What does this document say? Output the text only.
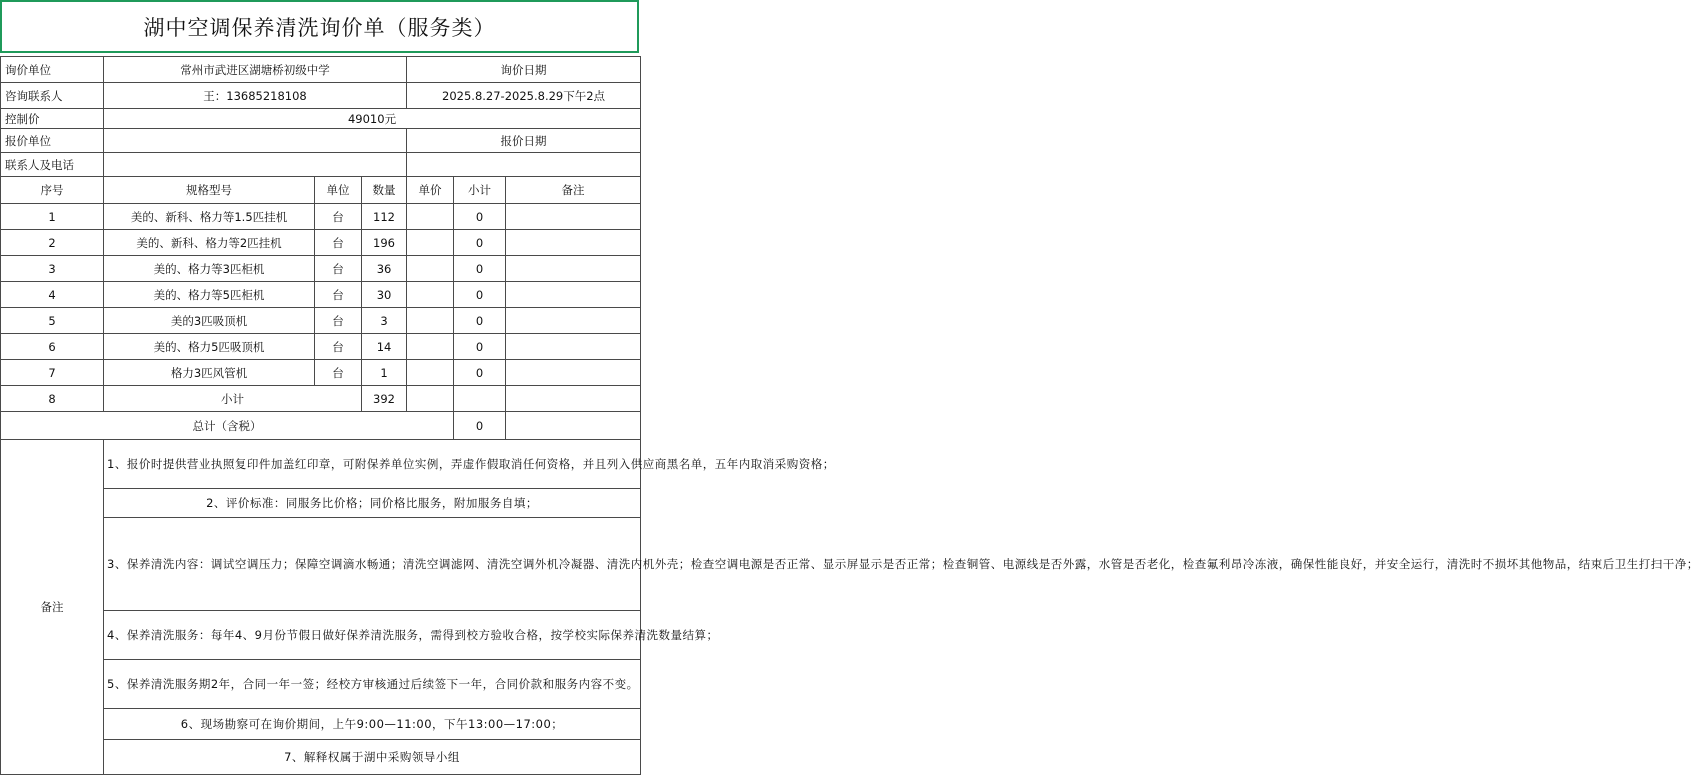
湖中空调保养清洗询价单（服务类）
询价单位	常州市武进区湖塘桥初级中学			询价日期		
咨询联系人	王：13685218108			2025.8.27-2025.8.29下午2点		
控制价	49010元					
报价单位				报价日期		
联系人及电话						
序号	规格型号	单位	数量	单价	小计	备注
1	美的、新科、格力等1.5匹挂机	台	112		0	
2	美的、新科、格力等2匹挂机	台	196		0	
3	美的、格力等3匹柜机	台	36		0	
4	美的、格力等5匹柜机	台	30		0	
5	美的3匹吸顶机	台	3		0	
6	美的、格力5匹吸顶机	台	14		0	
7	格力3匹风管机	台	1		0	
8	小计		392			
总计（含税）					0	
备注	1、报价时提供营业执照复印件加盖红印章，可附保养单位实例，弄虚作假取消任何资格，并且列入供应商黑名单，五年内取消采购资格；					
	2、评价标准：同服务比价格；同价格比服务，附加服务自填；					
	3、保养清洗内容：调试空调压力；保障空调滴水畅通；清洗空调滤网、清洗空调外机冷凝器、清洗内机外壳；检查空调电源是否正常、显示屏显示是否正常；检查铜管、电源线是否外露，水管是否老化，检查氟利昂冷冻液，确保性能良好，并安全运行，清洗时不损坏其他物品，结束后卫生打扫干净；					
	4、保养清洗服务：每年4、9月份节假日做好保养清洗服务，需得到校方验收合格，按学校实际保养清洗数量结算；					
	5、保养清洗服务期2年，合同一年一签；经校方审核通过后续签下一年，合同价款和服务内容不变。					
	6、现场勘察可在询价期间，上午9:00—11:00，下午13:00—17:00；					
	7、解释权属于湖中采购领导小组					
